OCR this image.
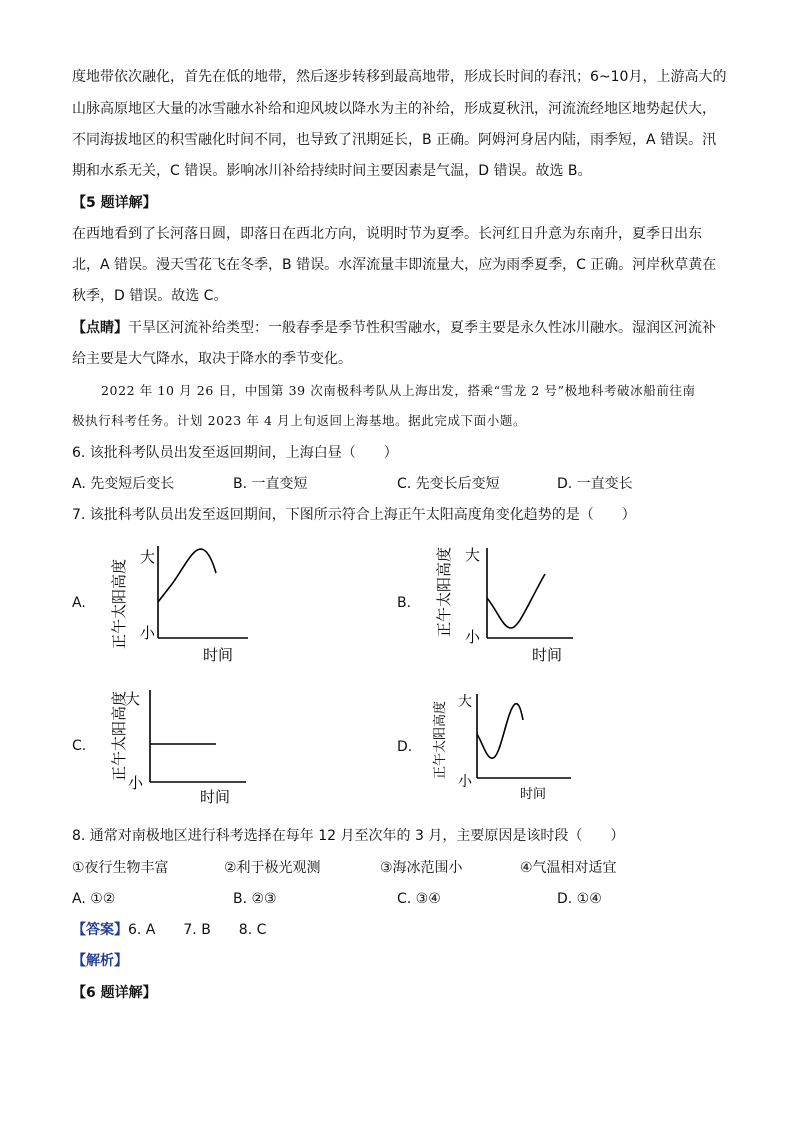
度地带依次融化，首先在低的地带，然后逐步转移到最高地带，形成长时间的春汛；6~10月，上游高大的
山脉高原地区大量的冰雪融水补给和迎风坡以降水为主的补给，形成夏秋汛，河流流经地区地势起伏大，
不同海拔地区的积雪融化时间不同，也导致了汛期延长，B 正确。阿姆河身居内陆，雨季短，A 错误。汛
期和水系无关，C 错误。影响冰川补给持续时间主要因素是气温，D 错误。故选 B。
【5 题详解】
在西地看到了长河落日圆，即落日在西北方向，说明时节为夏季。长河红日升意为东南升，夏季日出东
北，A 错误。漫天雪花飞在冬季，B 错误。水浑流量丰即流量大，应为雨季夏季，C 正确。河岸秋草黄在
秋季，D 错误。故选 C。
【点睛】干旱区河流补给类型：一般春季是季节性积雪融水，夏季主要是永久性冰川融水。湿润区河流补
给主要是大气降水，取决于降水的季节变化。
2022 年 10 月 26 日，中国第 39 次南极科考队从上海出发，搭乘“雪龙 2 号”极地科考破冰船前往南
极执行科考任务。计划 2023 年 4 月上旬返回上海基地。据此完成下面小题。
6. 该批科考队员出发至返回期间，上海白昼（　　）
A. 先变短后变长	B. 一直变短	C. 先变长后变短	D. 一直变长
7. 该批科考队员出发至返回期间，下图所示符合上海正午太阳高度角变化趋势的是（　　）
A. 正午太阳高度
大
小
时间
B. 正午太阳高度 大
小
时间
C. 正午太阳高度
大
小
时间
D. 正午太阳高度 大
小
时间
8. 通常对南极地区进行科考选择在每年 12 月至次年的 3 月，主要原因是该时段（　　）
①夜行生物丰富	②利于极光观测	③海冰范围小	④气温相对适宜
A. ①②	B. ②③	C. ③④	D. ①④
【答案】6. A　　7. B　　8. C
【解析】
【6 题详解】
